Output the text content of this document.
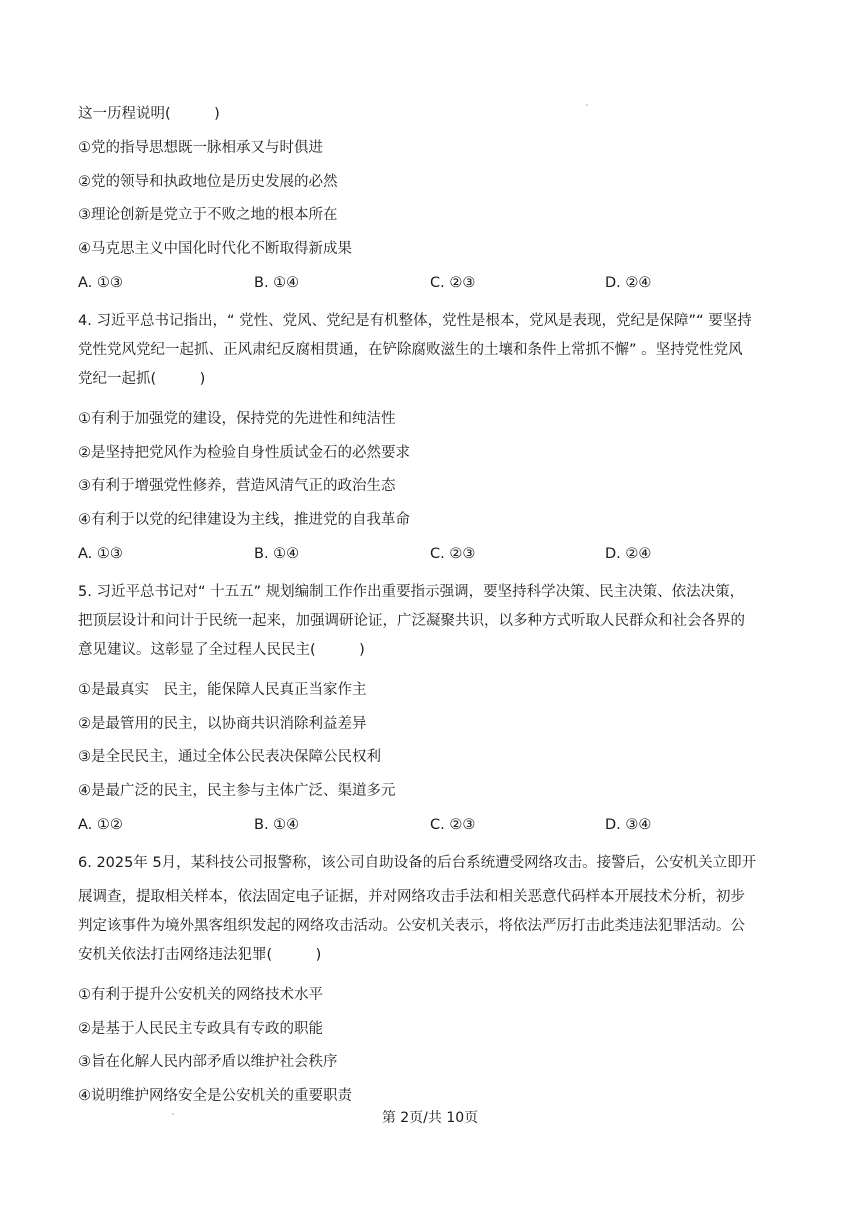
这一历程说明(　　　)
①党的指导思想既一脉相承又与时俱进
②党的领导和执政地位是历史发展的必然
③理论创新是党立于不败之地的根本所在
④马克思主义中国化时代化不断取得新成果
A. ①③	B. ①④	C. ②③	D. ②④
4. 习近平总书记指出，“ 党性、党风、党纪是有机整体，党性是根本，党风是表现，党纪是保障”“ 要坚持
党性党风党纪一起抓、正风肃纪反腐相贯通，在铲除腐败滋生的土壤和条件上常抓不懈” 。坚持党性党风
党纪一起抓(　　　)
①有利于加强党的建设，保持党的先进性和纯洁性
②是坚持把党风作为检验自身性质试金石的必然要求
③有利于增强党性修养，营造风清气正的政治生态
④有利于以党的纪律建设为主线，推进党的自我革命
A. ①③	B. ①④	C. ②③	D. ②④
5. 习近平总书记对“ 十五五” 规划编制工作作出重要指示强调，要坚持科学决策、民主决策、依法决策，
把顶层设计和问计于民统一起来，加强调研论证，广泛凝聚共识，以多种方式听取人民群众和社会各界的
意见建议。这彰显了全过程人民民主(　　　)
①是最真实　民主，能保障人民真正当家作主
②是最管用的民主，以协商共识消除利益差异
③是全民民主，通过全体公民表决保障公民权利
④是最广泛的民主，民主参与主体广泛、渠道多元
A. ①②	B. ①④	C. ②③	D. ③④
6. 2025年 5月，某科技公司报警称，该公司自助设备的后台系统遭受网络攻击。接警后，公安机关立即开
展调查，提取相关样本，依法固定电子证据，并对网络攻击手法和相关恶意代码样本开展技术分析，初步
判定该事件为境外黑客组织发起的网络攻击活动。公安机关表示，将依法严厉打击此类违法犯罪活动。公
安机关依法打击网络违法犯罪(　　　)
①有利于提升公安机关的网络技术水平
②是基于人民民主专政具有专政的职能
③旨在化解人民内部矛盾以维护社会秩序
④说明维护网络安全是公安机关的重要职责
第 2页/共 10页
